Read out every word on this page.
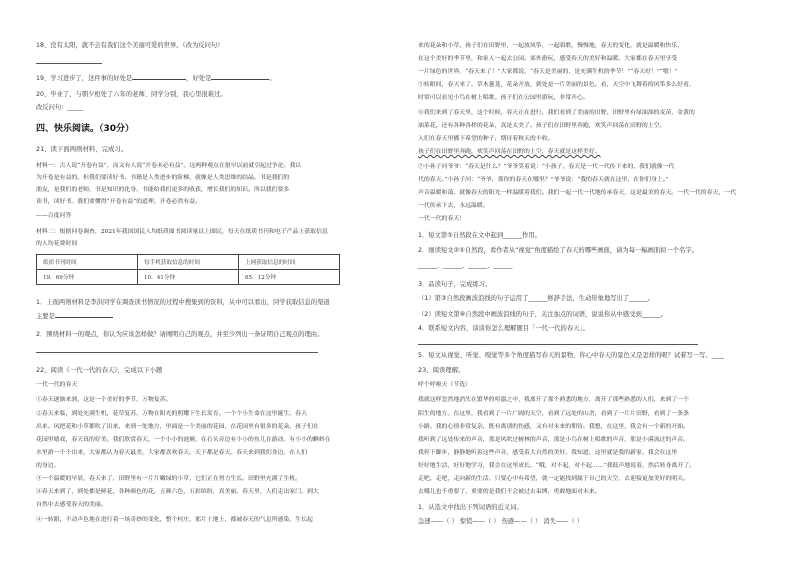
18、没有太阳，就不会有我们这个美丽可爱的世界。（改为反问句）
19、学习进步了，这件事的好处是	，好处是	。
20、毕业了，与朝夕相处了六年的老师、同学分别，我心里很难过。
改反问句：_____
四、快乐阅读。（30分）
21、读下面两则材料，完成习。
材料一：古人说“开卷有益”，而又有人说“开卷未必有益”。这两种观点在很早以前就引起过争论。我认
为开卷是有益的，但我们要读好书。书籍是人类进步的阶梯，就像是人类思维的结晶，书是我们的
朋友，是我们的老师，书是知识的化身，书能给我们更多的收获，增长我们的知识。所以我们要多
读书，读好书。我们要懂得“开卷有益”的道理，开卷必然有益。
——百度问答
材料二：根据问卷调查，2021年我国国民人均纸质图书阅读量以上图民，每天在纸质书刊和电子产品上获取信息
的人均花费时间
纸质书刊时间	每手机获取信息的时间	上网获取信息的时间
19．69分钟	10．41分钟	65．12分钟
1．上面两则材料是李洪同学在调查读书情况的过程中搜集到的资料，从中可以看出，同学获取信息的渠道
主要是
2．围绕材料一的观点，你认为应该怎样做？请阐明自己的观点，并至少列出一条证明自己观点的理由。
22、阅读《一代一代的春天》，完成以下小题
一代一代的春天
①春天逐渐来到，这是一个美好的季节，万物复苏。
②春天来临，到处充满生机，花草复苏，万物在阳光的照耀下生长发育。一个个小生命在这里诞生。春天
出来。风把花和小草都吹了出来，来到一处地方，里面是一个美丽的花园，在花园里有很多的花朵，孩子们在
花园里嬉戏，春天真的好美。我们欣赏春天，一个小小的池塘，在石头旁边有小小的鱼儿在游动。有小小的蝌蚪在
水里游一个个出来，大家都认为春天最美，大家都喜欢春天，天下都是春天。春天来到我们身边，在人们
的身边。
③一个温暖的早晨，春天来了，田野里有一片片嫩绿的小草，它们正在努力生长。田野里充满了生机。
④春天来到了，到处都是鲜花，各种颜色的花，五颜六色，五彩缤纷，真美丽。春天里，人们走出家门，到大
自然中去感受春天的美丽。
④一转眼，不动声色地在进行着一场奇妙的变化，整个村庄，那片土地上，都被春天的气息所感染，生长起
来的花朵和小草，孩子们在田野里，一起放风筝，一起唱歌。慢慢地，春天的变化，就是温暖和快乐，
在这个美好的季节里，和家人一起去公园、郊外游玩，感受春天的美好和温暖。大家都在春天里享受
一片绿色的世界。“春天来了！”大家都说，“春天是美丽的，是充满生机的季节！”“春天好！”“嗯！”
⑤转眼间，春天来了，草木葱茏，花朵开放，到处是一片美丽的景色。看，天空中飞舞着的风筝多么好看，
时常可以看见小鸟在树上唱歌。孩子们在公园里游玩，非常开心。
⑥我们来到了春天里，这个时候，春天正在进行，我们看到了美丽的田野，田野里有绿油油的麦苗，金黄的
油菜花，还有各种各样的花朵，真是太美了。孩子们在田野里奔跑，欢笑声回荡在田野的上空。
人们在春天里播下希望的种子，期待着秋天的丰收。
孩子们在田野里奔跑，欢笑声回荡在田野的上空，春天就是这样美好。
⑦小孙子问爷爷：“春天是什么？”爷爷笑着说：“小孩子，春天是一代一代传下来的，我们就像一代
代的春天。”小孙子问：“爷爷，那你的春天在哪里？”爷爷说：“我的春天就在这里，在你们身上。”
声音温暖和蔼，就像春天的阳光一样温暖着我们。我们一起一代一代地传承春天，这是最美的春天。一代一代的春天，一代
一代传承下去，永远温暖。
一代一代的春天！
1．短文第⑤自然段在文中起到______作用。
2．细读短文②⑤自然段，看作者从“视觉”角度描绘了春天的哪些画面，请为每一幅画面拟一个名字。
______、______、______、______
3．品读句子，完成练习。
（1）第③自然段画波浪线的句子运用了______修辞手法，生动形象地写出了______。
（2）读短文第⑥自然段中画波浪线的句子，关注加点的词语，说说你从中感受到______。
4．联系短文内容，谈谈你怎么理解题目「一代一代的春天」。
5．短文从视觉、听觉、嗅觉等多个角度描写春天的景物，你心中春天的景色又是怎样的呢？试着写一写。____
23、阅读理解。
呼个呼啦天（节选）
我就这样忽然地消失在繁华的喧嚣之中，我离开了那个熟悉的地方，离开了那些熟悉的人们，来到了一个
陌生的地方。在这里，我看到了一片广阔的天空，看到了远处的山峦，看到了一片片田野，看到了一条条
小路。我的心情非常复杂，既有离别的伤感，又有对未来的期待。我想，在这里，我会有一个新的开始。
我听到了远处传来的声音，那是风吹过树林的声音，那是小鸟在树上唱歌的声音，那是小溪流过的声音。
我停下脚步，静静地听着这些声音，感受着大自然的美好。我知道，这里就是我的新家。我会在这里
好好地生活，好好地学习，我会在这里成长。“哦，对不起，对不起……”我低声地说着，然后转身离开了。
走吧，走吧，走向新的生活。只要心中有希望，就一定能找到属于自己的天空，去迎接更加美好的明天。
去哪儿也不重要了，重要的是我们不会被过去束缚，勇敢地面对未来。
1．从选文中找出下列词语的近义词。
急速——（ ） 惊慌——（ ） 伤感——（ ） 消失——（ ）
